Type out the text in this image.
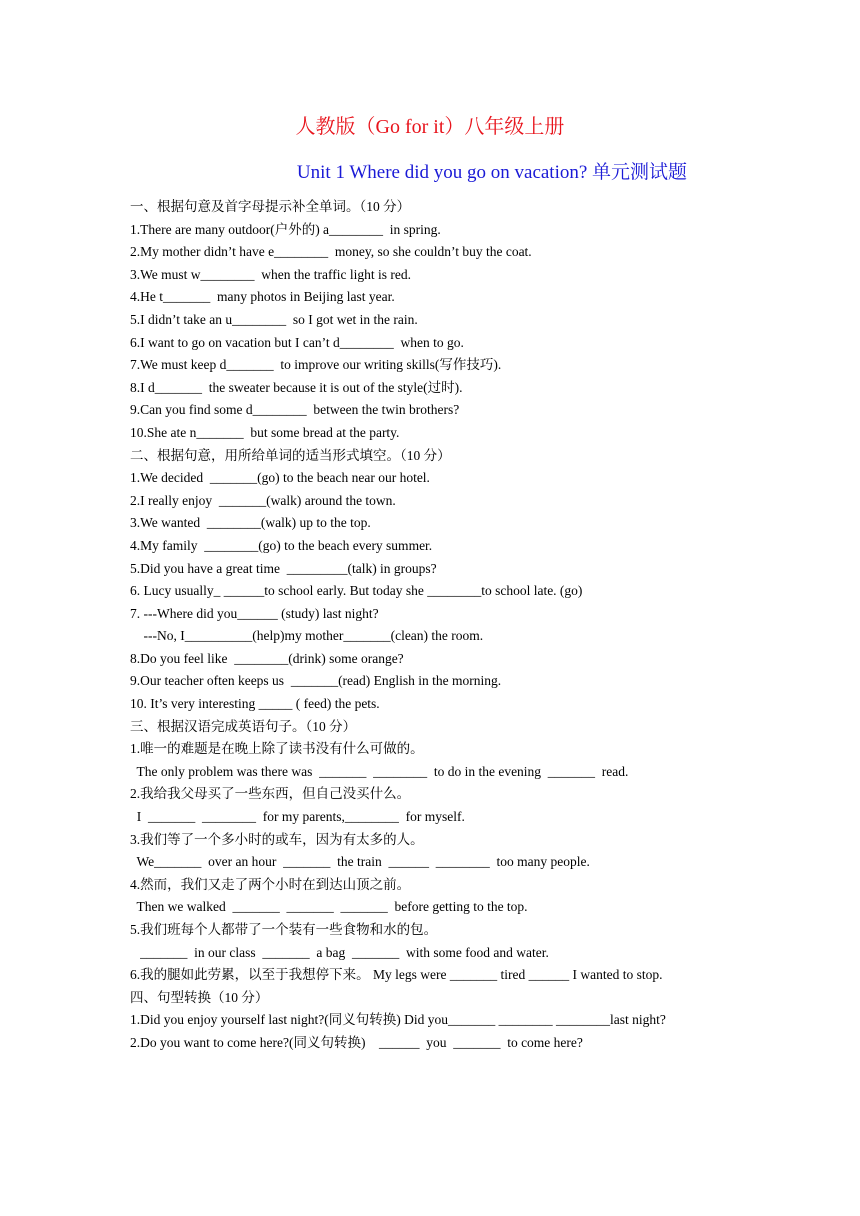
人教版（Go for it）八年级上册
Unit 1 Where did you go on vacation? 单元测试题
一、根据句意及首字母提示补全单词。（10 分）
1.There are many outdoor(户外的) a________  in spring.
2.My mother didn’t have e________  money, so she couldn’t buy the coat.
3.We must w________  when the traffic light is red.
4.He t_______  many photos in Beijing last year.
5.I didn’t take an u________  so I got wet in the rain.
6.I want to go on vacation but I can’t d________  when to go.
7.We must keep d_______  to improve our writing skills(写作技巧).
8.I d_______  the sweater because it is out of the style(过时).
9.Can you find some d________  between the twin brothers?
10.She ate n_______  but some bread at the party.
二、根据句意，用所给单词的适当形式填空。（10 分）
1.We decided  _______(go) to the beach near our hotel.
2.I really enjoy  _______(walk) around the town.
3.We wanted  ________(walk) up to the top.
4.My family  ________(go) to the beach every summer.
5.Did you have a great time  _________(talk) in groups?
6. Lucy usually_ ______to school early. But today she ________to school late. (go)
7. ---Where did you______ (study) last night?
---No, I__________(help)my mother_______(clean) the room.
8.Do you feel like  ________(drink) some orange?
9.Our teacher often keeps us  _______(read) English in the morning.
10. It’s very interesting _____ ( feed) the pets.
三、根据汉语完成英语句子。（10 分）
1.唯一的难题是在晚上除了读书没有什么可做的。
The only problem was there was  _______  ________  to do in the evening  _______  read.
2.我给我父母买了一些东西，但自己没买什么。
I  _______  ________  for my parents,________  for myself.
3.我们等了一个多小时的或车，因为有太多的人。
We_______  over an hour  _______  the train  ______  ________  too many people.
4.然而，我们又走了两个小时在到达山顶之前。
Then we walked  _______  _______  _______  before getting to the top.
5.我们班每个人都带了一个装有一些食物和水的包。
_______  in our class  _______  a bag  _______  with some food and water.
6.我的腿如此劳累，以至于我想停下来。 My legs were _______ tired ______ I wanted to stop.
四、句型转换（10 分）
1.Did you enjoy yourself last night?(同义句转换) Did you_______ ________ ________last night?
2.Do you want to come here?(同义句转换)    ______  you  _______  to come here?
